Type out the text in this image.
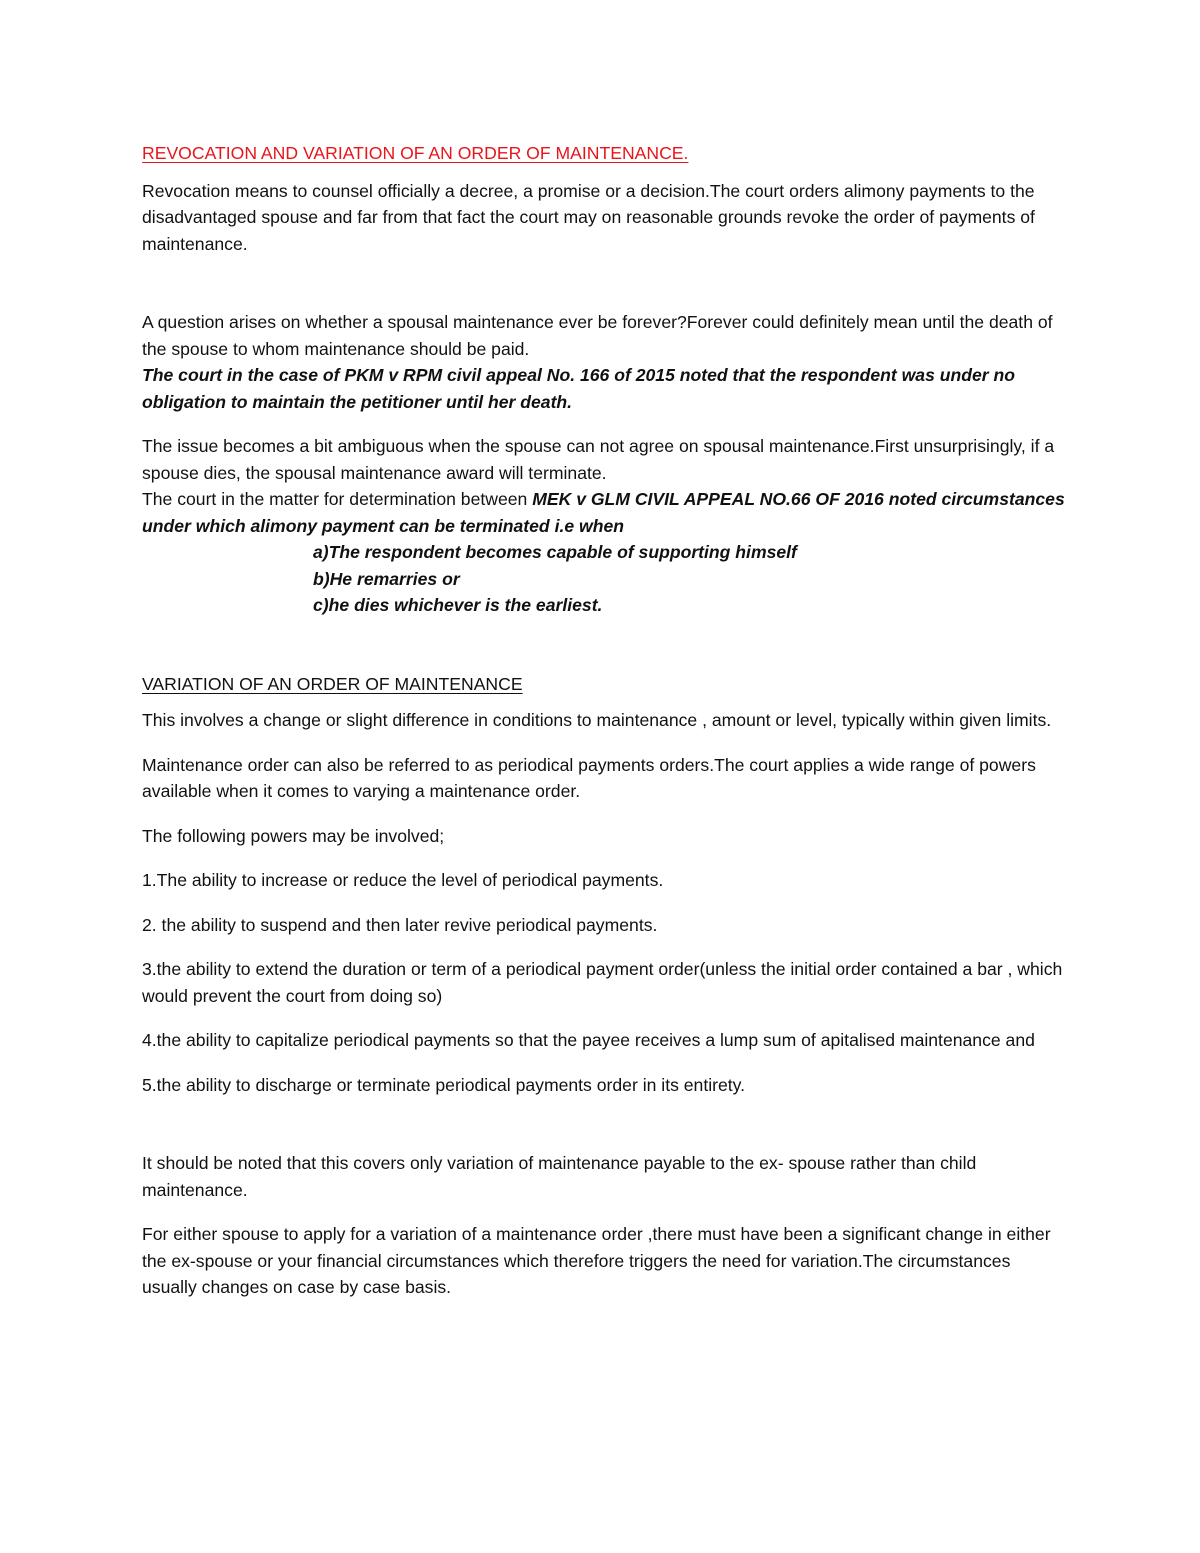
REVOCATION AND VARIATION OF AN ORDER OF MAINTENANCE.

Revocation means to counsel officially a decree, a promise or a decision.The court orders alimony payments to the disadvantaged spouse and far from that fact the court may on reasonable grounds revoke the order of payments of maintenance.

A question arises on whether a spousal maintenance ever be forever?Forever could definitely mean until the death of the spouse to whom maintenance should be paid.

The court in the case of PKM v RPM civil appeal No. 166 of 2015 noted that the respondent was under no obligation to maintain the petitioner until her death.

The issue becomes a bit ambiguous when the spouse can not agree on spousal maintenance.First unsurprisingly, if a spouse dies, the spousal maintenance award will terminate.

The court in the matter for determination between MEK v GLM CIVIL APPEAL NO.66 OF 2016 noted circumstances under which alimony payment can be terminated i.e when

a)The respondent becomes capable of supporting himself

b)He remarries or

c)he dies whichever is the earliest.

VARIATION OF AN ORDER OF MAINTENANCE

This involves a change or slight difference in conditions to maintenance , amount or level, typically within given limits.

Maintenance order can also be referred to as periodical payments orders.The court applies a wide range of powers available when it comes to varying a maintenance order.

The following powers may be involved;

1.The ability to increase or reduce the level of periodical payments.

2. the ability to suspend and then later revive periodical payments.

3.the ability to extend the duration or term of a periodical payment order(unless the initial order contained a bar , which would prevent the court from doing so)

4.the ability to capitalize periodical payments so that the payee receives a lump sum of apitalised maintenance and

5.the ability to discharge or terminate periodical payments order in its entirety.

It should be noted that this covers only variation of maintenance payable to the ex- spouse rather than child maintenance.

For either spouse to apply for a variation of a maintenance order ,there must have been a significant change in either the ex-spouse or your financial circumstances which therefore triggers the need for variation.The circumstances usually changes on case by case basis.
